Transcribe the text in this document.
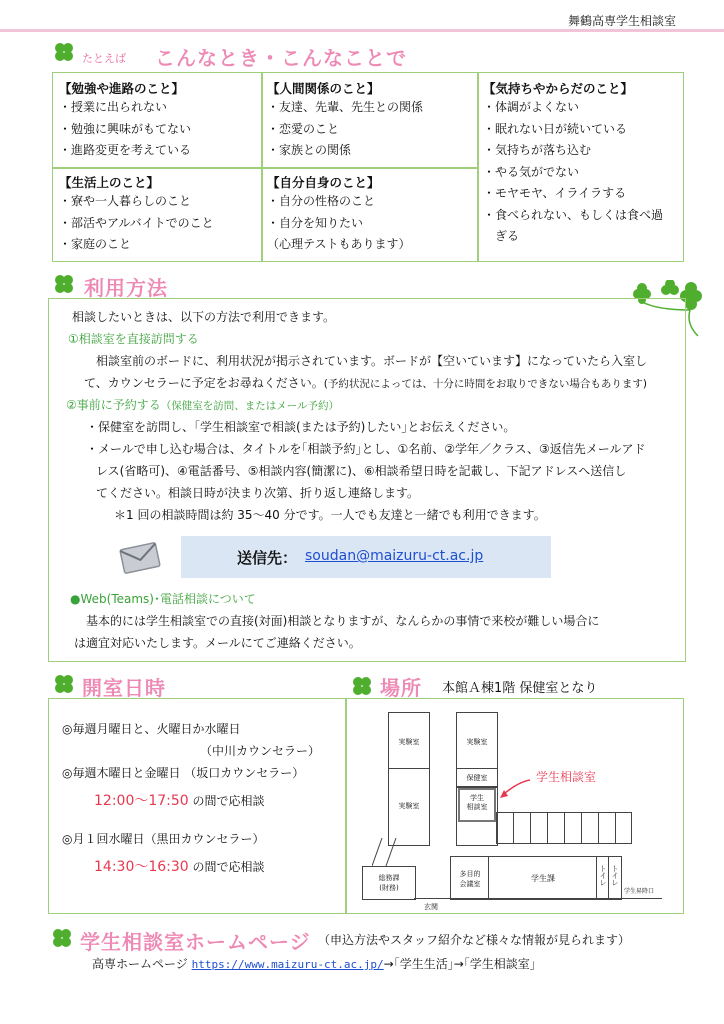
舞鶴高専学生相談室
たとえば こんなとき・こんなことで
【勉強や進路のこと】
・授業に出られない
・勉強に興味がもてない
・進路変更を考えている
【人間関係のこと】
・友達、先輩、先生との関係
・恋愛のこと
・家族との関係
【気持ちやからだのこと】
・体調がよくない
・眠れない日が続いている
・気持ちが落ち込む
・やる気がでない
・モヤモヤ、イライラする
・食べられない、もしくは食べ過
　ぎる
【生活上のこと】
・寮や一人暮らしのこと
・部活やアルバイトでのこと
・家庭のこと
【自分自身のこと】
・自分の性格のこと
・自分を知りたい
（心理テストもあります）
利用方法
相談したいときは、以下の方法で利用できます。
①相談室を直接訪問する
相談室前のボードに、利用状況が掲示されています。ボードが【空いています】になっていたら入室し
て、カウンセラーに予定をお尋ねください。(予約状況によっては、十分に時間をお取りできない場合もあります)
②事前に予約する（保健室を訪問、またはメール予約）
・保健室を訪問し、｢学生相談室で相談(または予約)したい｣とお伝えください。
・メールで申し込む場合は、タイトルを｢相談予約｣とし、①名前、②学年／クラス、③返信先メールアド
レス(省略可)、④電話番号、⑤相談内容(簡潔に)、⑥相談希望日時を記載し、下記アドレスへ送信し
てください。相談日時が決まり次第、折り返し連絡します。
＊1 回の相談時間は約 35～40 分です。一人でも友達と一緒でも利用できます。
送信先： soudan@maizuru-ct.ac.jp
●Web(Teams)･電話相談について
基本的には学生相談室での直接(対面)相談となりますが、なんらかの事情で来校が難しい場合に
は適宜対応いたします。メールにてご連絡ください。
開室日時
◎毎週月曜日と、火曜日か水曜日
（中川カウンセラー）
◎毎週木曜日と金曜日 （坂口カウンセラー）
12:00～17:50 の間で応相談
◎月１回水曜日（黒田カウンセラー）
14:30～16:30 の間で応相談
場所 本館Ａ棟1階 保健室となり
実験室
実験室
実験室
保健室
学生
相談室
学生相談室
総務課
(財務)
多目的
会議室
学生課	トイレ トイレ
学生昇降口
玄関
学生相談室ホームページ （申込方法やスタッフ紹介など様々な情報が見られます）
高専ホームページ https://www.maizuru-ct.ac.jp/→｢学生生活｣→｢学生相談室｣
